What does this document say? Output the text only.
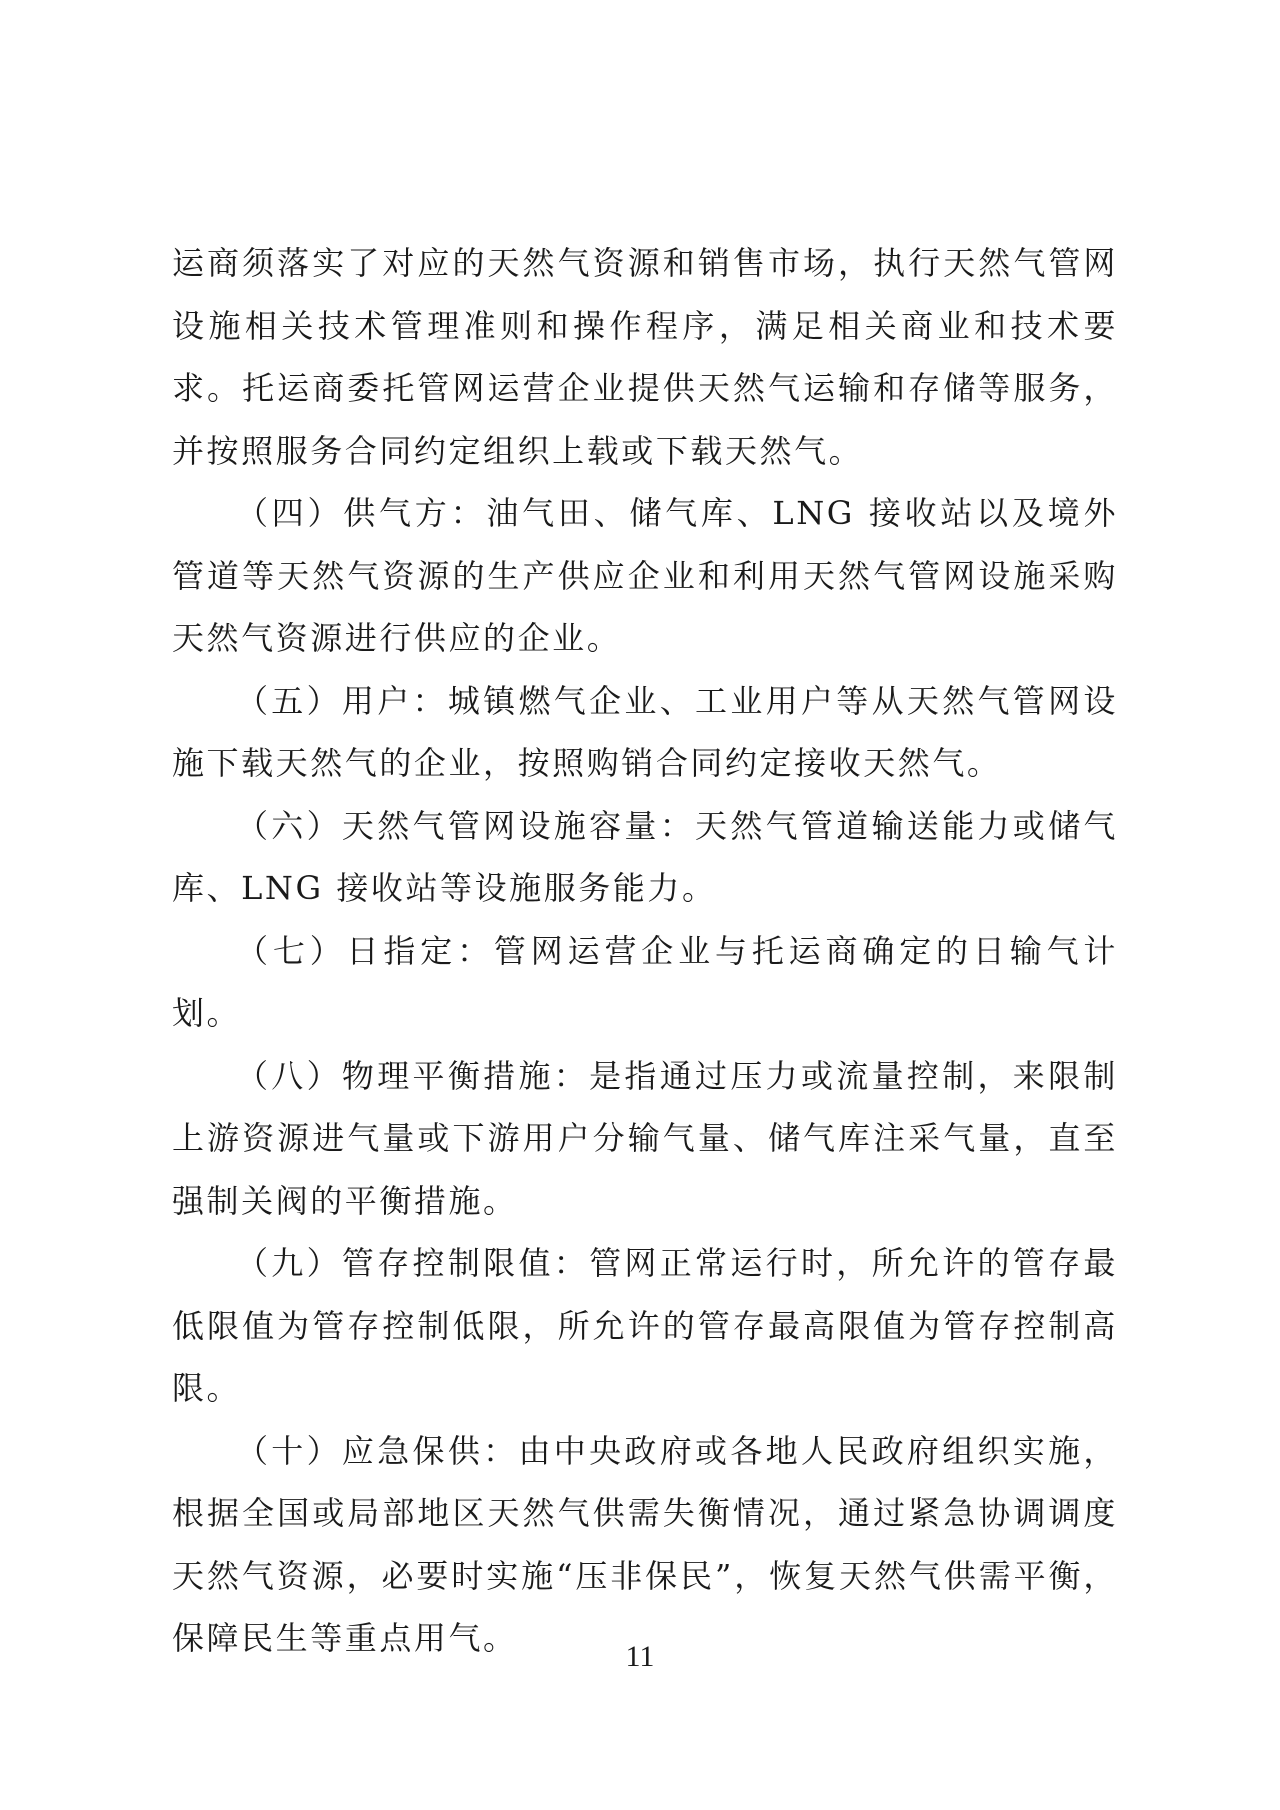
运商须落实了对应的天然气资源和销售市场，执行天然气管网设施相关技术管理准则和操作程序，满足相关商业和技术要求。托运商委托管网运营企业提供天然气运输和存储等服务，并按照服务合同约定组织上载或下载天然气。

（四）供气方：油气田、储气库、LNG 接收站以及境外管道等天然气资源的生产供应企业和利用天然气管网设施采购天然气资源进行供应的企业。

（五）用户：城镇燃气企业、工业用户等从天然气管网设施下载天然气的企业，按照购销合同约定接收天然气。

（六）天然气管网设施容量：天然气管道输送能力或储气库、LNG 接收站等设施服务能力。

（七）日指定：管网运营企业与托运商确定的日输气计划。

（八）物理平衡措施：是指通过压力或流量控制，来限制上游资源进气量或下游用户分输气量、储气库注采气量，直至强制关阀的平衡措施。

（九）管存控制限值：管网正常运行时，所允许的管存最低限值为管存控制低限，所允许的管存最高限值为管存控制高限。

（十）应急保供：由中央政府或各地人民政府组织实施，根据全国或局部地区天然气供需失衡情况，通过紧急协调调度天然气资源，必要时实施“压非保民”，恢复天然气供需平衡，保障民生等重点用气。	11
